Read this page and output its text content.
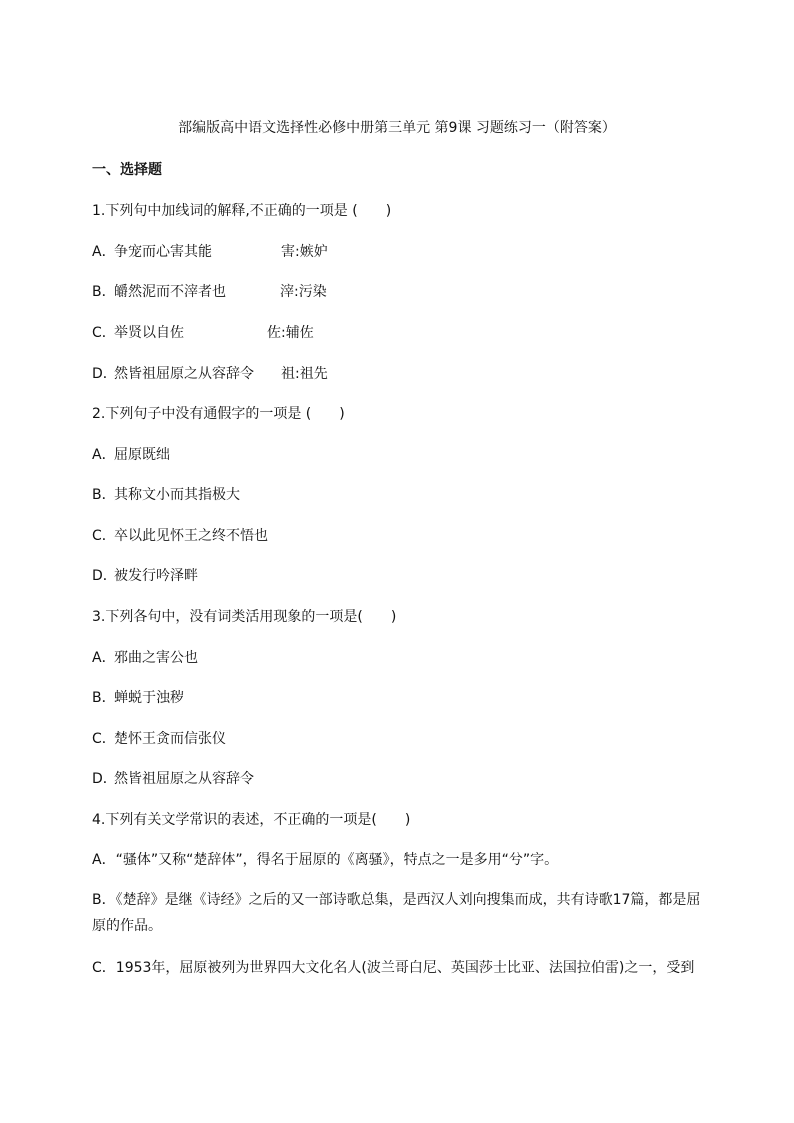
部编版高中语文选择性必修中册第三单元 第9课 习题练习一（附答案）
一、选择题
1.下列句中加线词的解释,不正确的一项是 ( )
A．争宠而心害其能	害:嫉妒
B．皭然泥而不滓者也	滓:污染
C．举贤以自佐	佐:辅佐
D．然皆祖屈原之从容辞令 祖:祖先
2.下列句子中没有通假字的一项是 ( )
A．屈原既绌
B．其称文小而其指极大
C．卒以此见怀王之终不悟也
D．被发行吟泽畔
3.下列各句中，没有词类活用现象的一项是( )
A．邪曲之害公也
B．蝉蜕于浊秽
C．楚怀王贪而信张仪
D．然皆祖屈原之从容辞令
4.下列有关文学常识的表述，不正确的一项是( )
A．“骚体”又称“楚辞体”，得名于屈原的《离骚》，特点之一是多用“兮”字。
B．《楚辞》是继《诗经》之后的又一部诗歌总集，是西汉人刘向搜集而成，共有诗歌17篇，都是屈原的作品。
C．1953年，屈原被列为世界四大文化名人(波兰哥白尼、英国莎士比亚、法国拉伯雷)之一，受到
